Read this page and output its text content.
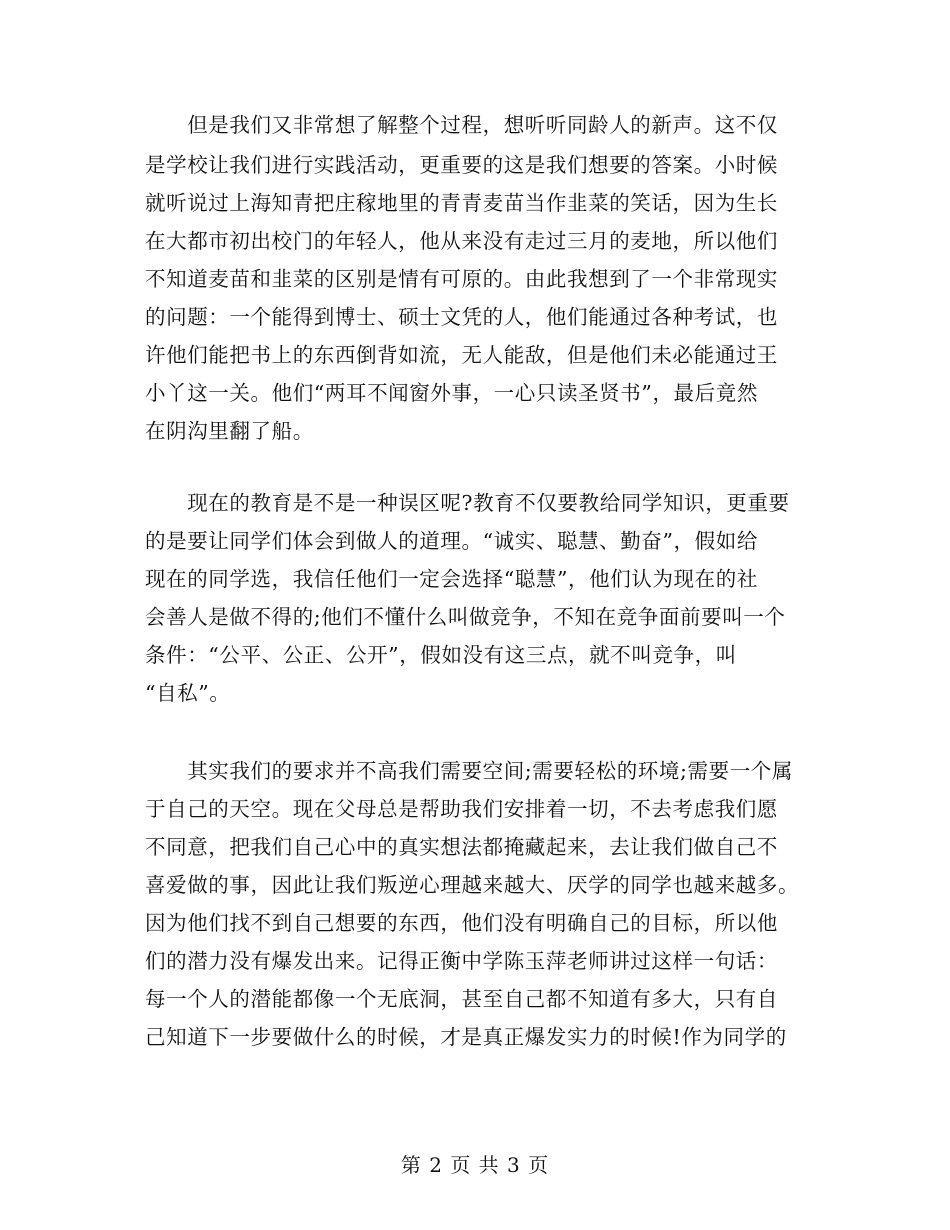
　　但是我们又非常想了解整个过程，想听听同龄人的新声。这不仅
是学校让我们进行实践活动，更重要的这是我们想要的答案。小时候
就听说过上海知青把庄稼地里的青青麦苗当作韭菜的笑话，因为生长
在大都市初出校门的年轻人，他从来没有走过三月的麦地，所以他们
不知道麦苗和韭菜的区别是情有可原的。由此我想到了一个非常现实
的问题：一个能得到博士、硕士文凭的人，他们能通过各种考试，也
许他们能把书上的东西倒背如流，无人能敌，但是他们未必能通过王
小丫这一关。他们“两耳不闻窗外事，一心只读圣贤书”，最后竟然
在阴沟里翻了船。
　　现在的教育是不是一种误区呢?教育不仅要教给同学知识，更重要
的是要让同学们体会到做人的道理。“诚实、聪慧、勤奋”，假如给
现在的同学选，我信任他们一定会选择“聪慧”，他们认为现在的社
会善人是做不得的;他们不懂什么叫做竞争，不知在竞争面前要叫一个
条件：“公平、公正、公开”，假如没有这三点，就不叫竞争，叫
“自私”。
　　其实我们的要求并不高我们需要空间;需要轻松的环境;需要一个属
于自己的天空。现在父母总是帮助我们安排着一切，不去考虑我们愿
不同意，把我们自己心中的真实想法都掩藏起来，去让我们做自己不
喜爱做的事，因此让我们叛逆心理越来越大、厌学的同学也越来越多。
因为他们找不到自己想要的东西，他们没有明确自己的目标，所以他
们的潜力没有爆发出来。记得正衡中学陈玉萍老师讲过这样一句话：
每一个人的潜能都像一个无底洞，甚至自己都不知道有多大，只有自
己知道下一步要做什么的时候，才是真正爆发实力的时候!作为同学的
第 2 页 共 3 页
